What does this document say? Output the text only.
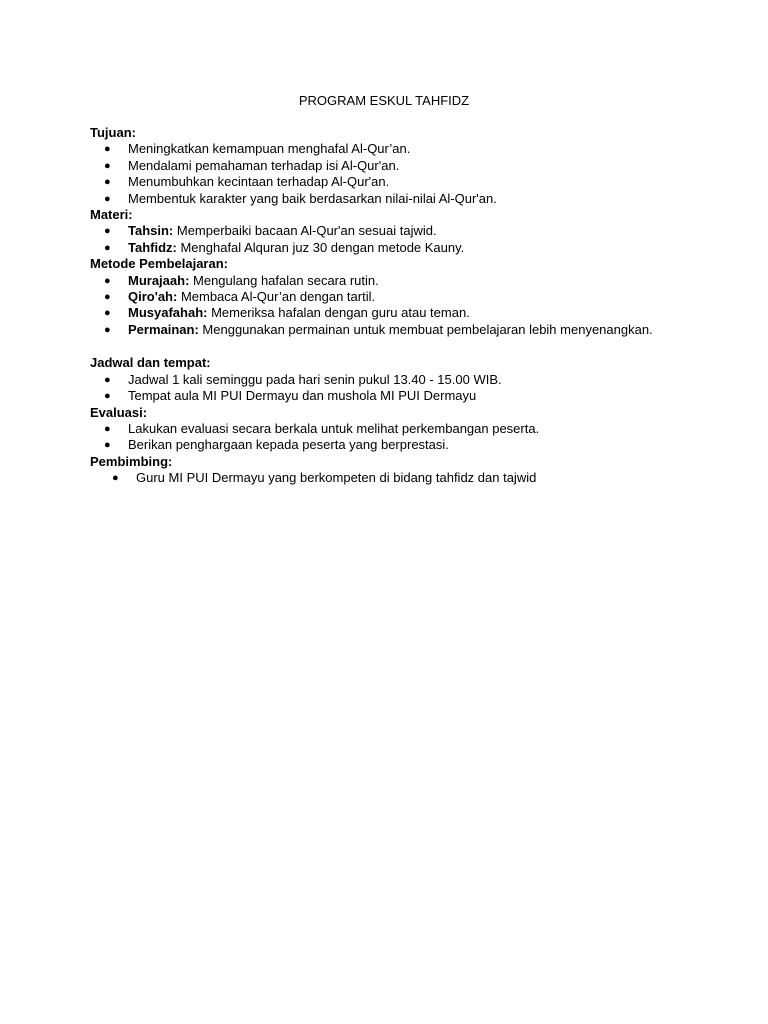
PROGRAM ESKUL TAHFIDZ
Tujuan:
● Meningkatkan kemampuan menghafal Al-Qur’an.
● Mendalami pemahaman terhadap isi Al-Qur'an.
● Menumbuhkan kecintaan terhadap Al-Qur'an.
● Membentuk karakter yang baik berdasarkan nilai-nilai Al-Qur'an.
Materi:
● Tahsin: Memperbaiki bacaan Al-Qur'an sesuai tajwid.
● Tahfidz: Menghafal Alquran juz 30 dengan metode Kauny.
Metode Pembelajaran:
● Murajaah: Mengulang hafalan secara rutin.
● Qiro'ah: Membaca Al-Qur’an dengan tartil.
● Musyafahah: Memeriksa hafalan dengan guru atau teman.
● Permainan: Menggunakan permainan untuk membuat pembelajaran lebih menyenangkan.
Jadwal dan tempat:
● Jadwal 1 kali seminggu pada hari senin pukul 13.40 - 15.00 WIB.
● Tempat aula MI PUI Dermayu dan mushola MI PUI Dermayu
Evaluasi:
● Lakukan evaluasi secara berkala untuk melihat perkembangan peserta.
● Berikan penghargaan kepada peserta yang berprestasi.
Pembimbing:
● Guru MI PUI Dermayu yang berkompeten di bidang tahfidz dan tajwid
